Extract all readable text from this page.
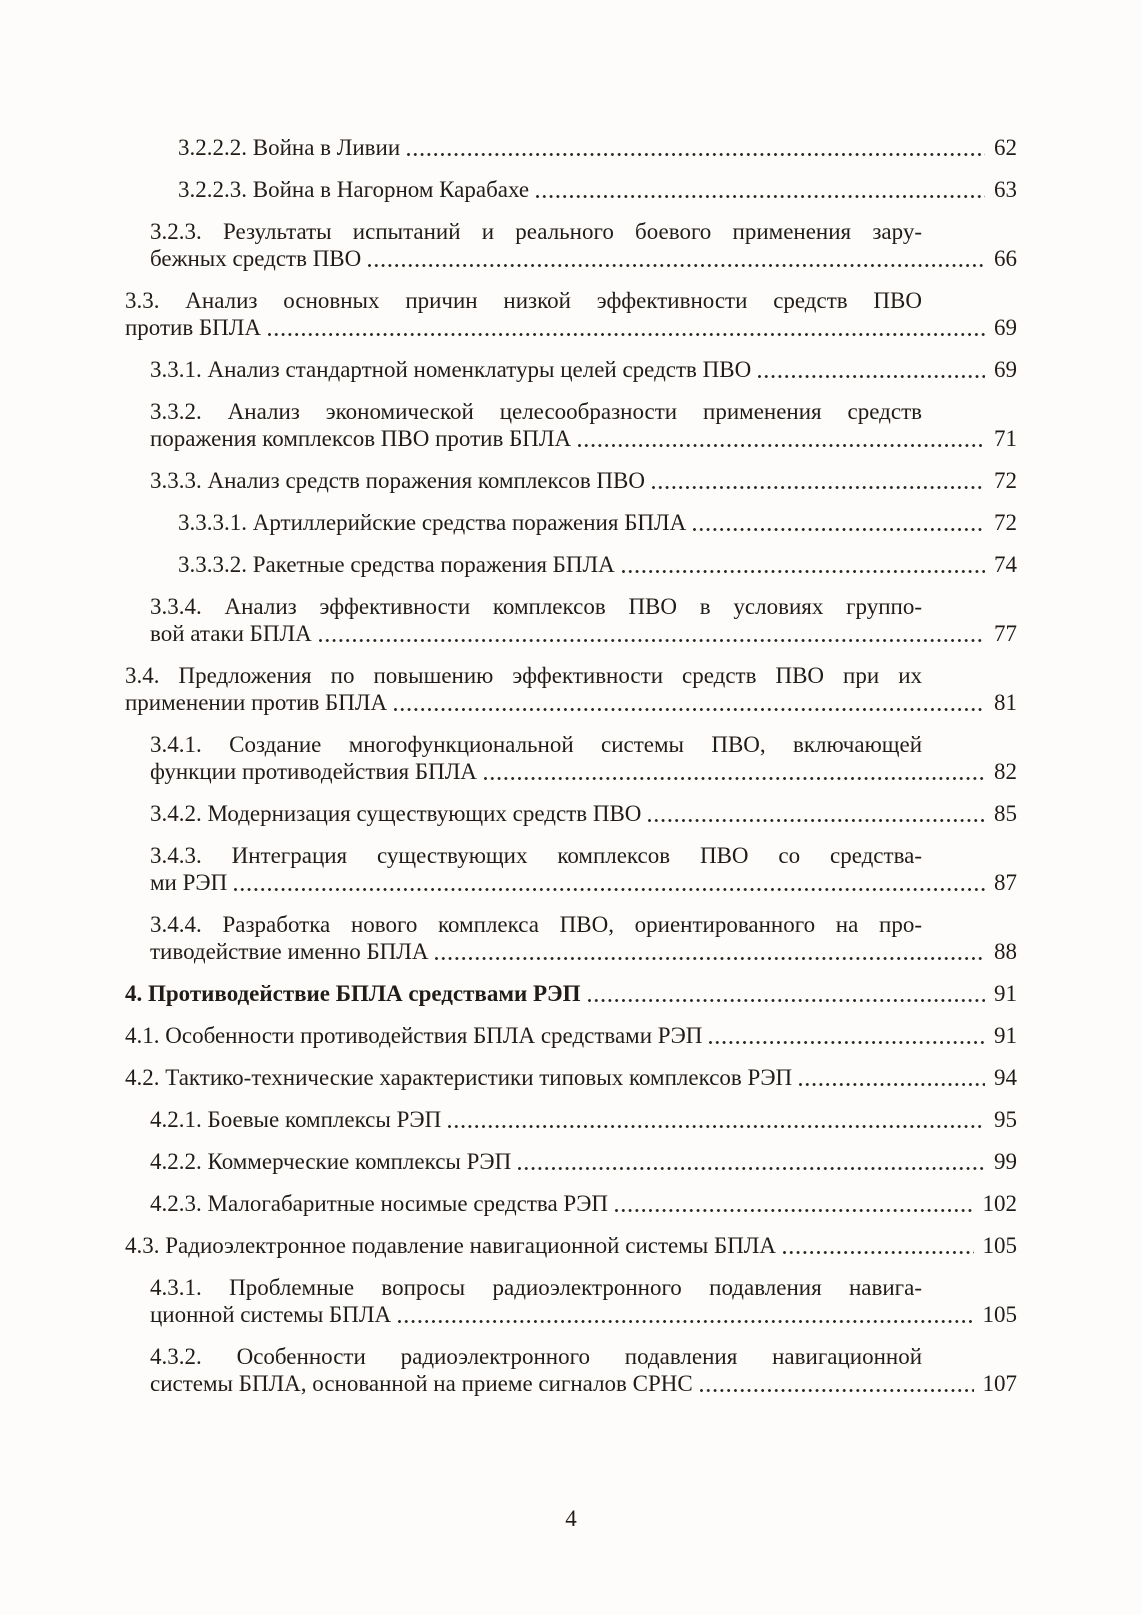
3.2.2.2. Война в Ливии	62
3.2.2.3. Война в Нагорном Карабахе	63
3.2.3. Результаты испытаний и реального боевого применения зару-
бежных средств ПВО	66
3.3. Анализ основных причин низкой эффективности средств ПВО
против БПЛА	69
3.3.1. Анализ стандартной номенклатуры целей средств ПВО	69
3.3.2. Анализ экономической целесообразности применения средств
поражения комплексов ПВО против БПЛА	71
3.3.3. Анализ средств поражения комплексов ПВО	72
3.3.3.1. Артиллерийские средства поражения БПЛА	72
3.3.3.2. Ракетные средства поражения БПЛА	74
3.3.4. Анализ эффективности комплексов ПВО в условиях группо-
вой атаки БПЛА	77
3.4. Предложения по повышению эффективности средств ПВО при их
применении против БПЛА	81
3.4.1. Создание многофункциональной системы ПВО, включающей
функции противодействия БПЛА	82
3.4.2. Модернизация существующих средств ПВО	85
3.4.3. Интеграция существующих комплексов ПВО со средства-
ми РЭП	87
3.4.4. Разработка нового комплекса ПВО, ориентированного на про-
тиводействие именно БПЛА	88
4. Противодействие БПЛА средствами РЭП	91
4.1. Особенности противодействия БПЛА средствами РЭП	91
4.2. Тактико-технические характеристики типовых комплексов РЭП	94
4.2.1. Боевые комплексы РЭП	95
4.2.2. Коммерческие комплексы РЭП	99
4.2.3. Малогабаритные носимые средства РЭП	102
4.3. Радиоэлектронное подавление навигационной системы БПЛА	105
4.3.1. Проблемные вопросы радиоэлектронного подавления навига-
ционной системы БПЛА	105
4.3.2. Особенности радиоэлектронного подавления навигационной
системы БПЛА, основанной на приеме сигналов СРНС	107
4
